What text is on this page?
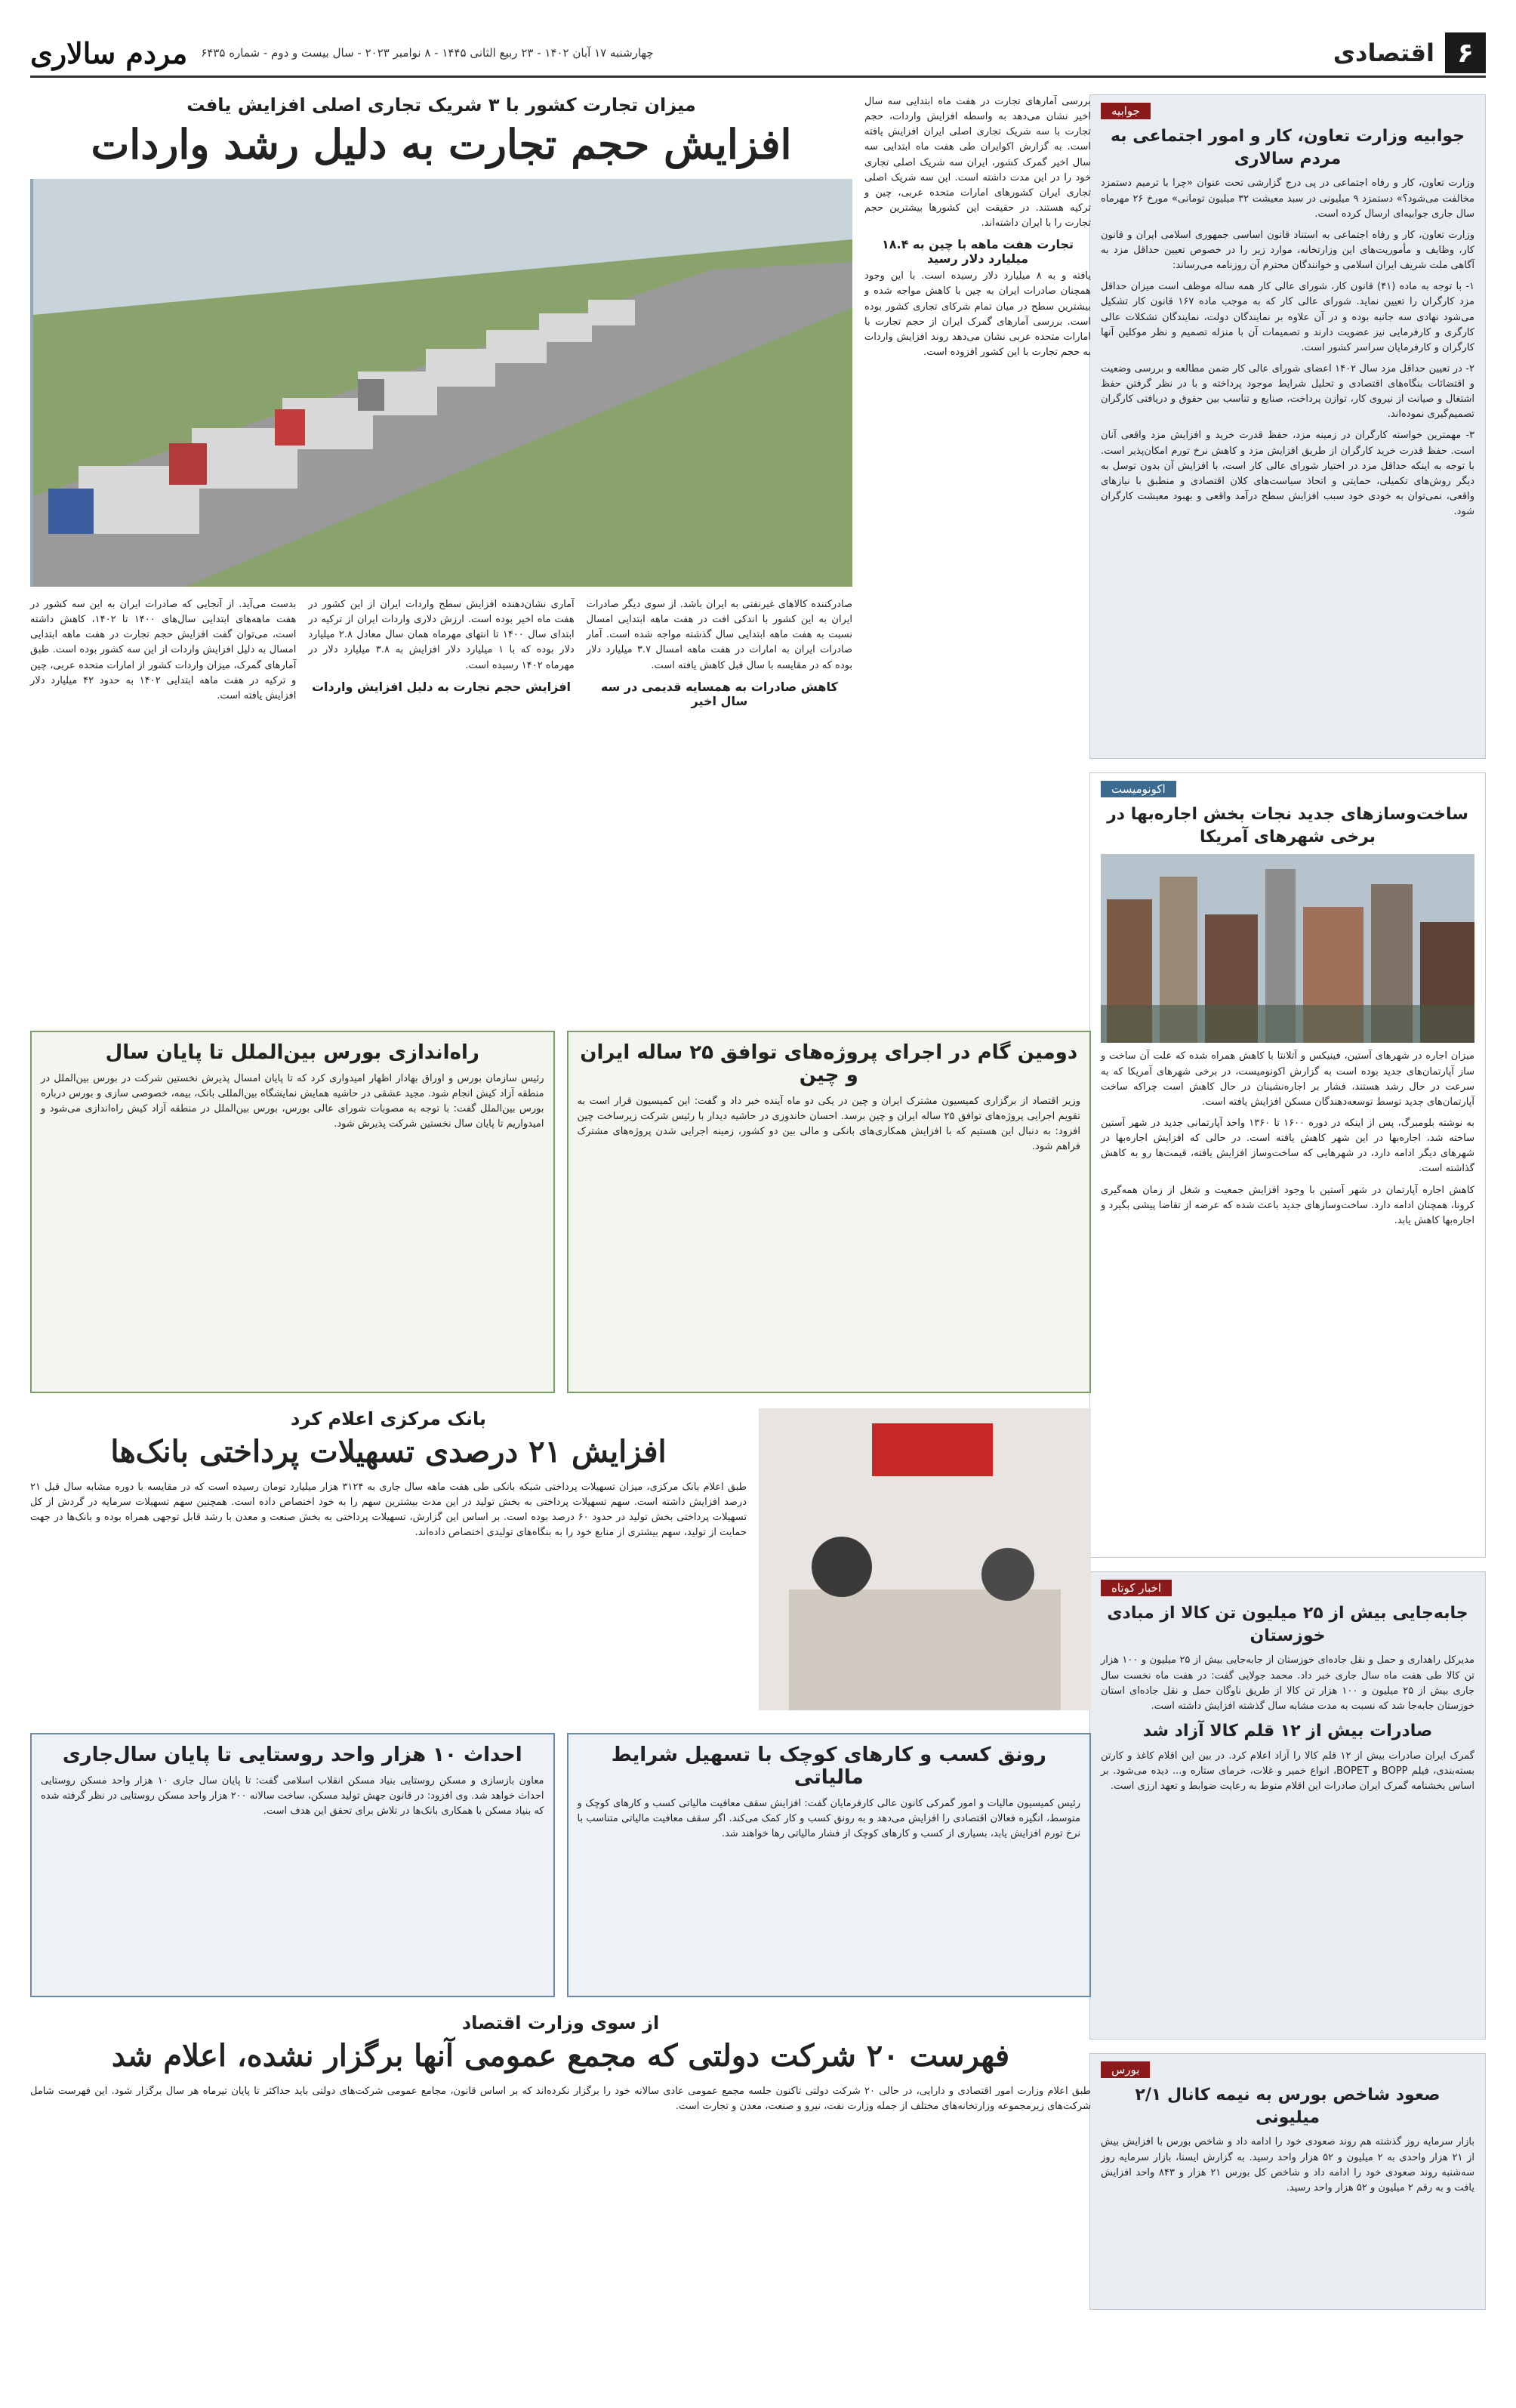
۶
اقتصادی
چهارشنبه ۱۷ آبان ۱۴۰۲ - ۲۳ ربیع الثانی ۱۴۴۵ - ۸ نوامبر ۲۰۲۳ - سال بیست و دوم - شماره ۶۴۳۵
مردم سالاری
جوابیه
جوابیه وزارت تعاون، کار و امور اجتماعی به مردم سالاری

وزارت تعاون، کار و رفاه اجتماعی در پی درج گزارشی تحت عنوان «چرا با ترمیم دستمزد مخالفت می‌شود؟» دستمزد ۹ میلیونی در سبد معیشت ۳۲ میلیون تومانی» مورخ ۲۶ مهرماه سال جاری جوابیه‌ای ارسال کرده است.

وزارت تعاون، کار و رفاه اجتماعی به استناد قانون اساسی جمهوری اسلامی ایران و قانون کار، وظایف و مأموریت‌های این وزارتخانه، موارد زیر را در خصوص تعیین حداقل مزد به آگاهی ملت شریف ایران اسلامی و خوانندگان محترم آن روزنامه می‌رساند:

۱- با توجه به ماده (۴۱) قانون کار، شورای عالی کار همه ساله موظف است میزان حداقل مزد کارگران را تعیین نماید. شورای عالی کار که به موجب ماده ۱۶۷ قانون کار تشکیل می‌شود نهادی سه جانبه بوده و در آن علاوه بر نمایندگان دولت، نمایندگان تشکلات عالی کارگری و کارفرمایی نیز عضویت دارند و تصمیمات آن با منزله تصمیم و نظر موکلین آنها کارگران و کارفرمایان سراسر کشور است.

۲- در تعیین حداقل مزد سال ۱۴۰۲ اعضای شورای عالی کار ضمن مطالعه و بررسی وضعیت و اقتضائات بنگاه‌های اقتصادی و تحلیل شرایط موجود پرداخته و با در نظر گرفتن حفظ اشتغال و صیانت از نیروی کار، توازن پرداخت، صنایع و تناسب بین حقوق و دریافتی کارگران تصمیم‌گیری نموده‌اند.

۳- مهمترین خواسته کارگران در زمینه مزد، حفظ قدرت خرید و افزایش مزد واقعی آنان است. حفظ قدرت خرید کارگران از طریق افزایش مزد و کاهش نرخ تورم امکان‌پذیر است. با توجه به اینکه حداقل مزد در اختیار شورای عالی کار است، با افزایش آن بدون توسل به دیگر روش‌های تکمیلی، حمایتی و اتحاذ سیاست‌های کلان اقتصادی و منطبق با نیازهای واقعی، نمی‌توان به خودی خود سبب افزایش سطح درآمد واقعی و بهبود معیشت کارگران شود.

اکونومیست
ساخت‌وسازهای جدید نجات بخش اجاره‌بها در برخی شهرهای آمریکا

میزان اجاره در شهرهای آستین، فینیکس و آتلانتا با کاهش همراه شده که علت آن ساخت و ساز آپارتمان‌های جدید بوده است به گزارش اکونومیست، در برخی شهرهای آمریکا که به سرعت در حال رشد هستند، فشار بر اجاره‌نشینان در حال کاهش است چراکه ساخت آپارتمان‌های جدید توسط توسعه‌دهندگان مسکن افزایش یافته است.

به نوشته بلومبرگ، پس از اینکه در دوره ۱۶۰۰ تا ۱۳۶۰ واحد آپارتمانی جدید در شهر آستین ساخته شد، اجاره‌بها در این شهر کاهش یافته است. در حالی که افزایش اجاره‌بها در شهرهای دیگر ادامه دارد، در شهرهایی که ساخت‌وساز افزایش یافته، قیمت‌ها رو به کاهش گذاشته است.

کاهش اجاره آپارتمان در شهر آستین با وجود افزایش جمعیت و شغل از زمان همه‌گیری کرونا، همچنان ادامه دارد. ساخت‌وسازهای جدید باعث شده که عرضه از تقاضا پیشی بگیرد و اجاره‌بها کاهش یابد.

اخبار کوتاه
جابه‌جایی بیش از ۲۵ میلیون تن کالا از مبادی خوزستان

مدیرکل راهداری و حمل و نقل جاده‌ای خوزستان از جابه‌جایی بیش از ۲۵ میلیون و ۱۰۰ هزار تن کالا طی هفت ماه سال جاری خبر داد. محمد جولایی گفت: در هفت ماه نخست سال جاری بیش از ۲۵ میلیون و ۱۰۰ هزار تن کالا از طریق ناوگان حمل و نقل جاده‌ای استان خوزستان جابه‌جا شد که نسبت به مدت مشابه سال گذشته افزایش داشته است.

صادرات بیش از ۱۲ قلم کالا آزاد شد

گمرک ایران صادرات بیش از ۱۲ قلم کالا را آزاد اعلام کرد. در بین این اقلام کاغذ و کارتن بسته‌بندی، فیلم BOPP و BOPET، انواع خمیر و غلات، خرمای ستاره و... دیده می‌شود. بر اساس بخشنامه گمرک ایران صادرات این اقلام منوط به رعایت ضوابط و تعهد ارزی است.

بورس
صعود شاخص بورس به نیمه کانال ۲/۱ میلیونی

بازار سرمایه روز گذشته هم روند صعودی خود را ادامه داد و شاخص بورس با افزایش بیش از ۲۱ هزار واحدی به ۲ میلیون و ۵۲ هزار واحد رسید. به گزارش ایسنا، بازار سرمایه روز سه‌شنبه روند صعودی خود را ادامه داد و شاخص کل بورس ۲۱ هزار و ۸۴۳ واحد افزایش یافت و به رقم ۲ میلیون و ۵۲ هزار واحد رسید.

بررسی آمارهای تجارت در هفت ماه ابتدایی سه سال اخیر نشان می‌دهد به واسطه افزایش واردات، حجم تجارت با سه شریک تجاری اصلی ایران افزایش یافته است. به گزارش اکوایران طی هفت ماه ابتدایی سه سال اخیر گمرک کشور، ایران سه شریک اصلی تجاری خود را در این مدت داشته است. این سه شریک اصلی تجاری ایران کشورهای امارات متحده عربی، چین و ترکیه هستند. در حقیقت این کشورها بیشترین حجم تجارت را با ایران داشته‌اند.
تجارت هفت ماهه با چین به ۱۸.۴ میلیارد دلار رسید
یافته و به ۸ میلیارد دلار رسیده است. با این وجود همچنان صادرات ایران به چین با کاهش مواجه شده و بیشترین سطح در میان تمام شرکای تجاری کشور بوده است. بررسی آمارهای گمرک ایران از حجم تجارت با امارات متحده عربی نشان می‌دهد روند افزایش واردات به حجم تجارت با این کشور افزوده است.
میزان تجارت کشور با ۳ شریک تجاری اصلی افزایش یافت
افزایش حجم تجارت به دلیل رشد واردات
صادرکننده کالاهای غیرنفتی به ایران باشد. از سوی دیگر صادرات ایران به این کشور با اندکی افت در هفت ماهه ابتدایی امسال نسبت به هفت ماهه ابتدایی سال گذشته مواجه شده است. آمار صادرات ایران به امارات در هفت ماهه امسال ۳.۷ میلیارد دلار بوده که در مقایسه با سال قبل کاهش یافته است.
کاهش صادرات به همسایه قدیمی در سه سال اخیر
آماری نشان‌دهنده افزایش سطح واردات ایران از این کشور در هفت ماه اخیر بوده است. ارزش دلاری واردات ایران از ترکیه در ابتدای سال ۱۴۰۰ تا انتهای مهرماه همان سال معادل ۲.۸ میلیارد دلار بوده که با ۱ میلیارد دلار افزایش به ۳.۸ میلیارد دلار در مهرماه ۱۴۰۲ رسیده است.
افزایش حجم تجارت به دلیل افزایش واردات
بدست می‌آید. از آنجایی که صادرات ایران به این سه کشور در هفت ماهه‌های ابتدایی سال‌های ۱۴۰۰ تا ۱۴۰۲، کاهش داشته است، می‌توان گفت افزایش حجم تجارت در هفت ماهه ابتدایی امسال به دلیل افزایش واردات از این سه کشور بوده است. طبق آمارهای گمرک، میزان واردات کشور از امارات متحده عربی، چین و ترکیه در هفت ماهه ابتدایی ۱۴۰۲ به حدود ۴۲ میلیارد دلار افزایش یافته است.
دومین گام در اجرای پروژه‌های توافق ۲۵ ساله ایران و چین
وزیر اقتصاد از برگزاری کمیسیون مشترک ایران و چین در یکی دو ماه آینده خبر داد و گفت: این کمیسیون قرار است به تقویم اجرایی پروژه‌های توافق ۲۵ ساله ایران و چین برسد. احسان خاندوزی در حاشیه دیدار با رئیس شرکت زیرساخت چین افزود: به دنبال این هستیم که با افزایش همکاری‌های بانکی و مالی بین دو کشور، زمینه اجرایی شدن پروژه‌های مشترک فراهم شود.
راه‌اندازی بورس بین‌الملل تا پایان سال
رئیس سازمان بورس و اوراق بهادار اظهار امیدواری کرد که تا پایان امسال پذیرش نخستین شرکت در بورس بین‌الملل در منطقه آزاد کیش انجام شود. مجید عشقی در حاشیه همایش نمایشگاه بین‌المللی بانک، بیمه، خصوصی سازی و بورس درباره بورس بین‌الملل گفت: با توجه به مصوبات شورای عالی بورس، بورس بین‌الملل در منطقه آزاد کیش راه‌اندازی می‌شود و امیدواریم تا پایان سال نخستین شرکت پذیرش شود.
بانک مرکزی اعلام کرد
افزایش ۲۱ درصدی تسهیلات پرداختی بانک‌ها
طبق اعلام بانک مرکزی، میزان تسهیلات پرداختی شبکه بانکی طی هفت ماهه سال جاری به ۳۱۲۴ هزار میلیارد تومان رسیده است که در مقایسه با دوره مشابه سال قبل ۲۱ درصد افزایش داشته است. سهم تسهیلات پرداختی به بخش تولید در این مدت بیشترین سهم را به خود اختصاص داده است. همچنین سهم تسهیلات سرمایه در گردش از کل تسهیلات پرداختی بخش تولید در حدود ۶۰ درصد بوده است. بر اساس این گزارش، تسهیلات پرداختی به بخش صنعت و معدن با رشد قابل توجهی همراه بوده و بانک‌ها در جهت حمایت از تولید، سهم بیشتری از منابع خود را به بنگاه‌های تولیدی اختصاص داده‌اند.
رونق کسب و کارهای کوچک با تسهیل شرایط مالیاتی
رئیس کمیسیون مالیات و امور گمرکی کانون عالی کارفرمایان گفت: افزایش سقف معافیت مالیاتی کسب و کارهای کوچک و متوسط، انگیزه فعالان اقتصادی را افزایش می‌دهد و به رونق کسب و کار کمک می‌کند. اگر سقف معافیت مالیاتی متناسب با نرخ تورم افزایش یابد، بسیاری از کسب و کارهای کوچک از فشار مالیاتی رها خواهند شد.
احداث ۱۰ هزار واحد روستایی تا پایان سال‌جاری
معاون بازسازی و مسکن روستایی بنیاد مسکن انقلاب اسلامی گفت: تا پایان سال جاری ۱۰ هزار واحد مسکن روستایی احداث خواهد شد. وی افزود: در قانون جهش تولید مسکن، ساخت سالانه ۲۰۰ هزار واحد مسکن روستایی در نظر گرفته شده که بنیاد مسکن با همکاری بانک‌ها در تلاش برای تحقق این هدف است.
از سوی وزارت اقتصاد
فهرست ۲۰ شرکت دولتی که مجمع عمومی آنها برگزار نشده، اعلام شد
طبق اعلام وزارت امور اقتصادی و دارایی، در حالی ۲۰ شرکت دولتی تاکنون جلسه مجمع عمومی عادی سالانه خود را برگزار نکرده‌اند که بر اساس قانون، مجامع عمومی شرکت‌های دولتی باید حداکثر تا پایان تیرماه هر سال برگزار شود. این فهرست شامل شرکت‌های زیرمجموعه وزارتخانه‌های مختلف از جمله وزارت نفت، نیرو و صنعت، معدن و تجارت است.
